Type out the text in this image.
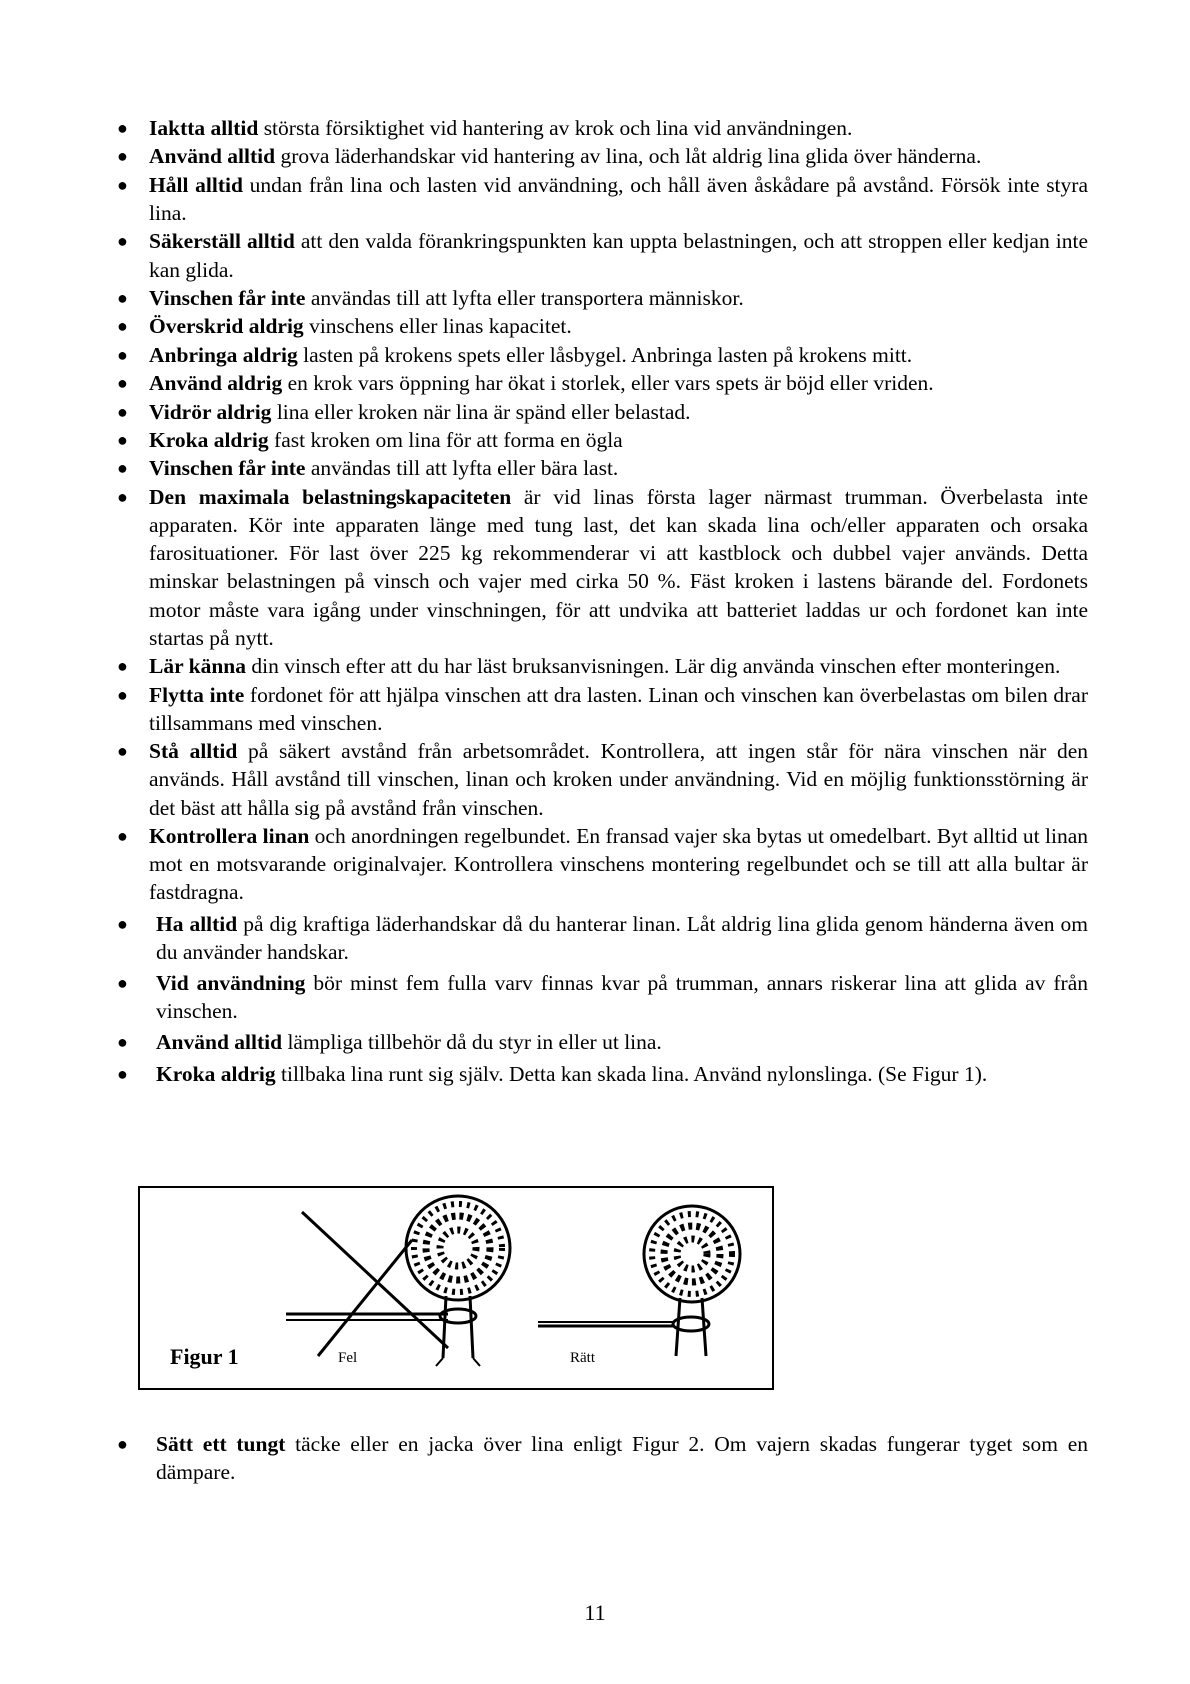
● Iaktta alltid största försiktighet vid hantering av krok och lina vid användningen.
● Använd alltid grova läderhandskar vid hantering av lina, och låt aldrig lina glida över händerna.
● Håll alltid undan från lina och lasten vid användning, och håll även åskådare på avstånd. Försök inte styra lina.
● Säkerställ alltid att den valda förankringspunkten kan uppta belastningen, och att stroppen eller kedjan inte kan glida.
● Vinschen får inte användas till att lyfta eller transportera människor.
● Överskrid aldrig vinschens eller linas kapacitet.
● Anbringa aldrig lasten på krokens spets eller låsbygel. Anbringa lasten på krokens mitt.
● Använd aldrig en krok vars öppning har ökat i storlek, eller vars spets är böjd eller vriden.
● Vidrör aldrig lina eller kroken när lina är spänd eller belastad.
● Kroka aldrig fast kroken om lina för att forma en ögla
● Vinschen får inte användas till att lyfta eller bära last.
● Den maximala belastningskapaciteten är vid linas första lager närmast trumman. Överbelasta inte apparaten. Kör inte apparaten länge med tung last, det kan skada lina och/eller apparaten och orsaka farosituationer. För last över 225 kg rekommenderar vi att kastblock och dubbel vajer används. Detta minskar belastningen på vinsch och vajer med cirka 50 %. Fäst kroken i lastens bärande del. Fordonets motor måste vara igång under vinschningen, för att undvika att batteriet laddas ur och fordonet kan inte startas på nytt.
● Lär känna din vinsch efter att du har läst bruksanvisningen. Lär dig använda vinschen efter monteringen.
● Flytta inte fordonet för att hjälpa vinschen att dra lasten. Linan och vinschen kan överbelastas om bilen drar tillsammans med vinschen.
● Stå alltid på säkert avstånd från arbetsområdet. Kontrollera, att ingen står för nära vinschen när den används. Håll avstånd till vinschen, linan och kroken under användning. Vid en möjlig funktionsstörning är det bäst att hålla sig på avstånd från vinschen.
● Kontrollera linan och anordningen regelbundet. En fransad vajer ska bytas ut omedelbart. Byt alltid ut linan mot en motsvarande originalvajer. Kontrollera vinschens montering regelbundet och se till att alla bultar är fastdragna.
● Ha alltid på dig kraftiga läderhandskar då du hanterar linan. Låt aldrig lina glida genom händerna även om du använder handskar.
● Vid användning bör minst fem fulla varv finnas kvar på trumman, annars riskerar lina att glida av från vinschen.
● Använd alltid lämpliga tillbehör då du styr in eller ut lina.
● Kroka aldrig tillbaka lina runt sig själv. Detta kan skada lina. Använd nylonslinga. (Se Figur 1).
Figur 1	Fel	Rätt
● Sätt ett tungt täcke eller en jacka över lina enligt Figur 2. Om vajern skadas fungerar tyget som en dämpare.
11
